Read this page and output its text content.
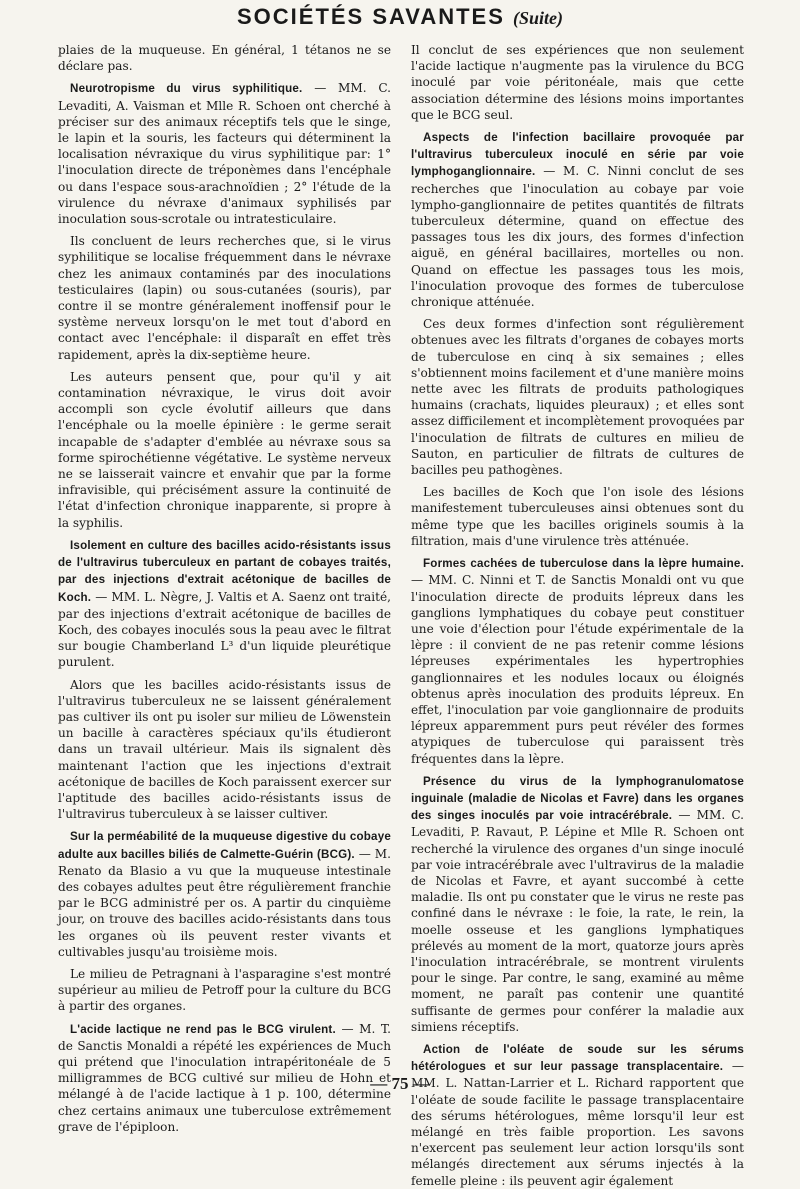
SOCIÉTÉS SAVANTES (Suite)

plaies de la muqueuse. En général, 1 tétanos ne se déclare pas.

Neurotropisme du virus syphilitique. — MM. C. Levaditi, A. Vaisman et Mlle R. Schoen ont cherché à préciser sur des animaux réceptifs tels que le singe, le lapin et la souris, les facteurs qui déterminent la localisation névraxique du virus syphilitique par: 1° l'inoculation directe de tréponèmes dans l'encéphale ou dans l'espace sous-arachnoïdien ; 2° l'étude de la virulence du névraxe d'animaux syphilisés par inoculation sous-scrotale ou intratesticulaire.

Ils concluent de leurs recherches que, si le virus syphilitique se localise fréquemment dans le névraxe chez les animaux contaminés par des inoculations testiculaires (lapin) ou sous-cutanées (souris), par contre il se montre généralement inoffensif pour le système nerveux lorsqu'on le met tout d'abord en contact avec l'encéphale: il disparaît en effet très rapidement, après la dix-septième heure.

Les auteurs pensent que, pour qu'il y ait contamination névraxique, le virus doit avoir accompli son cycle évolutif ailleurs que dans l'encéphale ou la moelle épinière : le germe serait incapable de s'adapter d'emblée au névraxe sous sa forme spirochétienne végétative. Le système nerveux ne se laisserait vaincre et envahir que par la forme infravisible, qui précisément assure la continuité de l'état d'infection chronique inapparente, si propre à la syphilis.

Isolement en culture des bacilles acido-résistants issus de l'ultravirus tuberculeux en partant de cobayes traités, par des injections d'extrait acétonique de bacilles de Koch. — MM. L. Nègre, J. Valtis et A. Saenz ont traité, par des injections d'extrait acétonique de bacilles de Koch, des cobayes inoculés sous la peau avec le filtrat sur bougie Chamberland L³ d'un liquide pleurétique purulent.

Alors que les bacilles acido-résistants issus de l'ultravirus tuberculeux ne se laissent généralement pas cultiver ils ont pu isoler sur milieu de Löwenstein un bacille à caractères spéciaux qu'ils étudieront dans un travail ultérieur. Mais ils signalent dès maintenant l'action que les injections d'extrait acétonique de bacilles de Koch paraissent exercer sur l'aptitude des bacilles acido-résistants issus de l'ultravirus tuberculeux à se laisser cultiver.

Sur la perméabilité de la muqueuse digestive du cobaye adulte aux bacilles biliés de Calmette-Guérin (BCG). — M. Renato da Blasio a vu que la muqueuse intestinale des cobayes adultes peut être régulièrement franchie par le BCG administré per os. A partir du cinquième jour, on trouve des bacilles acido-résistants dans tous les organes où ils peuvent rester vivants et cultivables jusqu'au troisième mois.

Le milieu de Petragnani à l'asparagine s'est montré supérieur au milieu de Petroff pour la culture du BCG à partir des organes.

L'acide lactique ne rend pas le BCG virulent. — M. T. de Sanctis Monaldi a répété les expériences de Much qui prétend que l'inoculation intrapéritonéale de 5 milligrammes de BCG cultivé sur milieu de Hohn et mélangé à de l'acide lactique à 1 p. 100, détermine chez certains animaux une tuberculose extrêmement grave de l'épiploon.

Il conclut de ses expériences que non seulement l'acide lactique n'augmente pas la virulence du BCG inoculé par voie péritonéale, mais que cette association détermine des lésions moins importantes que le BCG seul.

Aspects de l'infection bacillaire provoquée par l'ultravirus tuberculeux inoculé en série par voie lymphoganglionnaire. — M. C. Ninni conclut de ses recherches que l'inoculation au cobaye par voie lympho-ganglionnaire de petites quantités de filtrats tuberculeux détermine, quand on effectue des passages tous les dix jours, des formes d'infection aiguë, en général bacillaires, mortelles ou non. Quand on effectue les passages tous les mois, l'inoculation provoque des formes de tuberculose chronique atténuée.

Ces deux formes d'infection sont régulièrement obtenues avec les filtrats d'organes de cobayes morts de tuberculose en cinq à six semaines ; elles s'obtiennent moins facilement et d'une manière moins nette avec les filtrats de produits pathologiques humains (crachats, liquides pleuraux) ; et elles sont assez difficilement et incomplètement provoquées par l'inoculation de filtrats de cultures en milieu de Sauton, en particulier de filtrats de cultures de bacilles peu pathogènes.

Les bacilles de Koch que l'on isole des lésions manifestement tuberculeuses ainsi obtenues sont du même type que les bacilles originels soumis à la filtration, mais d'une virulence très atténuée.

Formes cachées de tuberculose dans la lèpre humaine. — MM. C. Ninni et T. de Sanctis Monaldi ont vu que l'inoculation directe de produits lépreux dans les ganglions lymphatiques du cobaye peut constituer une voie d'élection pour l'étude expérimentale de la lèpre : il convient de ne pas retenir comme lésions lépreuses expérimentales les hypertrophies ganglionnaires et les nodules locaux ou éloignés obtenus après inoculation des produits lépreux. En effet, l'inoculation par voie ganglionnaire de produits lépreux apparemment purs peut révéler des formes atypiques de tuberculose qui paraissent très fréquentes dans la lèpre.

Présence du virus de la lymphogranulomatose inguinale (maladie de Nicolas et Favre) dans les organes des singes inoculés par voie intracérébrale. — MM. C. Levaditi, P. Ravaut, P. Lépine et Mlle R. Schoen ont recherché la virulence des organes d'un singe inoculé par voie intracérébrale avec l'ultravirus de la maladie de Nicolas et Favre, et ayant succombé à cette maladie. Ils ont pu constater que le virus ne reste pas confiné dans le névraxe : le foie, la rate, le rein, la moelle osseuse et les ganglions lymphatiques prélevés au moment de la mort, quatorze jours après l'inoculation intracérébrale, se montrent virulents pour le singe. Par contre, le sang, examiné au même moment, ne paraît pas contenir une quantité suffisante de germes pour conférer la maladie aux simiens réceptifs.

Action de l'oléate de soude sur les sérums hétérologues et sur leur passage transplacentaire. — MM. L. Nattan-Larrier et L. Richard rapportent que l'oléate de soude facilite le passage transplacentaire des sérums hétérologues, même lorsqu'il leur est mélangé en très faible proportion. Les savons n'exercent pas seulement leur action lorsqu'ils sont mélangés directement aux sérums injectés à la femelle pleine : ils peuvent agir également

— 75 —
